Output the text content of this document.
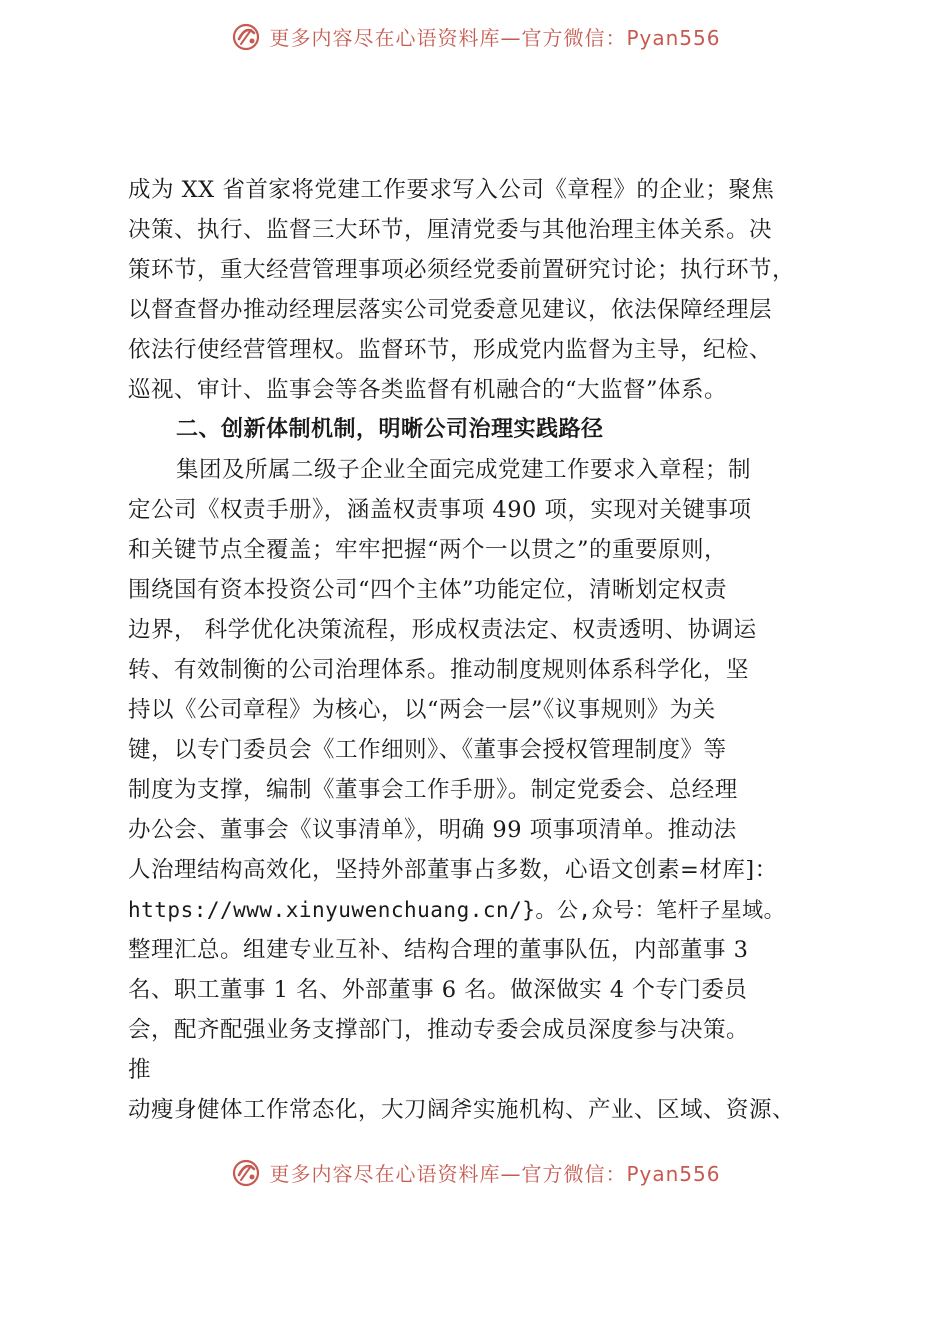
更多内容尽在心语资料库—官方微信：Pyan556
成为 XX 省首家将党建工作要求写入公司《章程》的企业；聚焦
决策、执行、监督三大环节，厘清党委与其他治理主体关系。决
策环节，重大经营管理事项必须经党委前置研究讨论；执行环节，
以督查督办推动经理层落实公司党委意见建议，依法保障经理层
依法行使经营管理权。监督环节，形成党内监督为主导，纪检、
巡视、审计、监事会等各类监督有机融合的“大监督”体系。
二、创新体制机制，明晰公司治理实践路径
集团及所属二级子企业全面完成党建工作要求入章程；制
定公司《权责手册》，涵盖权责事项 490 项，实现对关键事项
和关键节点全覆盖；牢牢把握“两个一以贯之”的重要原则，
围绕国有资本投资公司“四个主体”功能定位，清晰划定权责
边界， 科学优化决策流程，形成权责法定、权责透明、协调运
转、有效制衡的公司治理体系。推动制度规则体系科学化，坚
持以《公司章程》为核心，以“两会一层”《议事规则》为关
键，以专门委员会《工作细则》、《董事会授权管理制度》等
制度为支撑，编制《董事会工作手册》。制定党委会、总经理
办公会、董事会《议事清单》，明确 99 项事项清单。推动法
人治理结构高效化，坚持外部董事占多数，心语文创素=材库]：
https://www.xinyuwenchuang.cn/}。公,众号：笔杆子星域。
整理汇总。组建专业互补、结构合理的董事队伍，内部董事 3
名、职工董事 1 名、外部董事 6 名。做深做实 4 个专门委员
会，配齐配强业务支撑部门，推动专委会成员深度参与决策。
推
动瘦身健体工作常态化，大刀阔斧实施机构、产业、区域、资源、
更多内容尽在心语资料库—官方微信：Pyan556
